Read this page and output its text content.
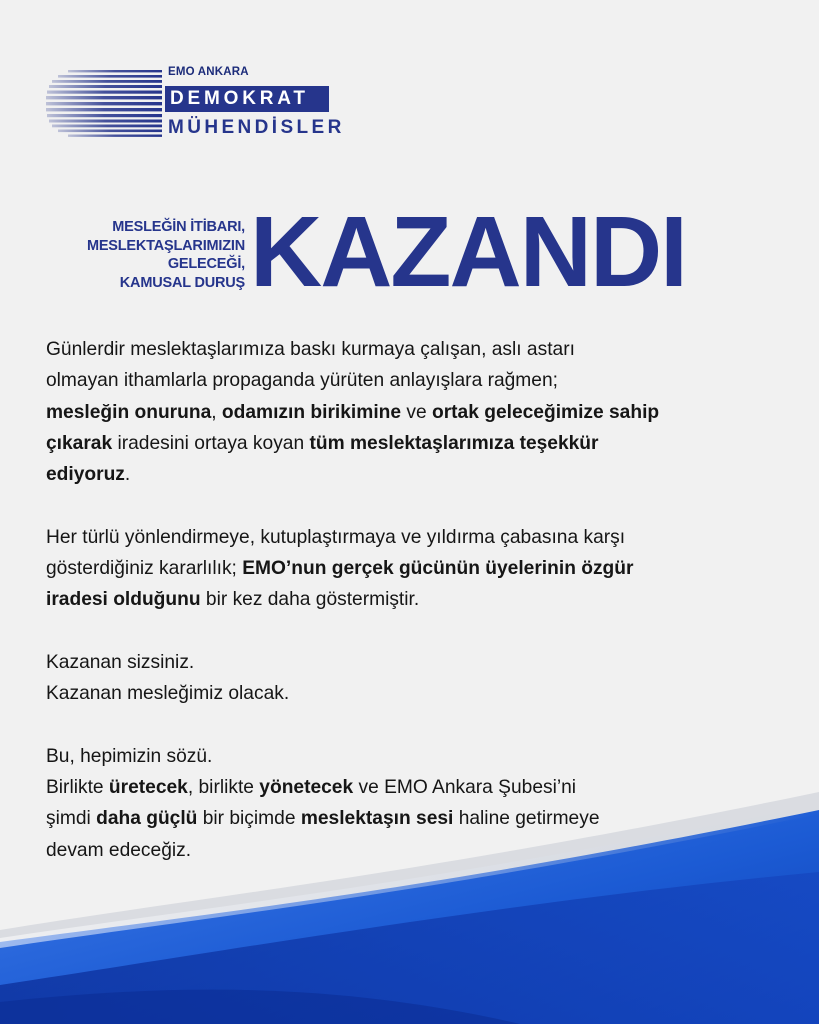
EMO ANKARA
DEMOKRAT
MÜHENDİSLER
MESLEĞİN İTİBARI,
MESLEKTAŞLARIMIZIN
GELECEĞİ,
KAMUSAL DURUŞ KAZANDI
Günlerdir meslektaşlarımıza baskı kurmaya çalışan, aslı astarı
olmayan ithamlarla propaganda yürüten anlayışlara rağmen;
mesleğin onuruna, odamızın birikimine ve ortak geleceğimize sahip
çıkarak iradesini ortaya koyan tüm meslektaşlarımıza teşekkür
ediyoruz.
Her türlü yönlendirmeye, kutuplaştırmaya ve yıldırma çabasına karşı
gösterdiğiniz kararlılık; EMO’nun gerçek gücünün üyelerinin özgür
iradesi olduğunu bir kez daha göstermiştir.
Kazanan sizsiniz.
Kazanan mesleğimiz olacak.
Bu, hepimizin sözü.
Birlikte üretecek, birlikte yönetecek ve EMO Ankara Şubesi’ni
şimdi daha güçlü bir biçimde meslektaşın sesi haline getirmeye
devam edeceğiz.
